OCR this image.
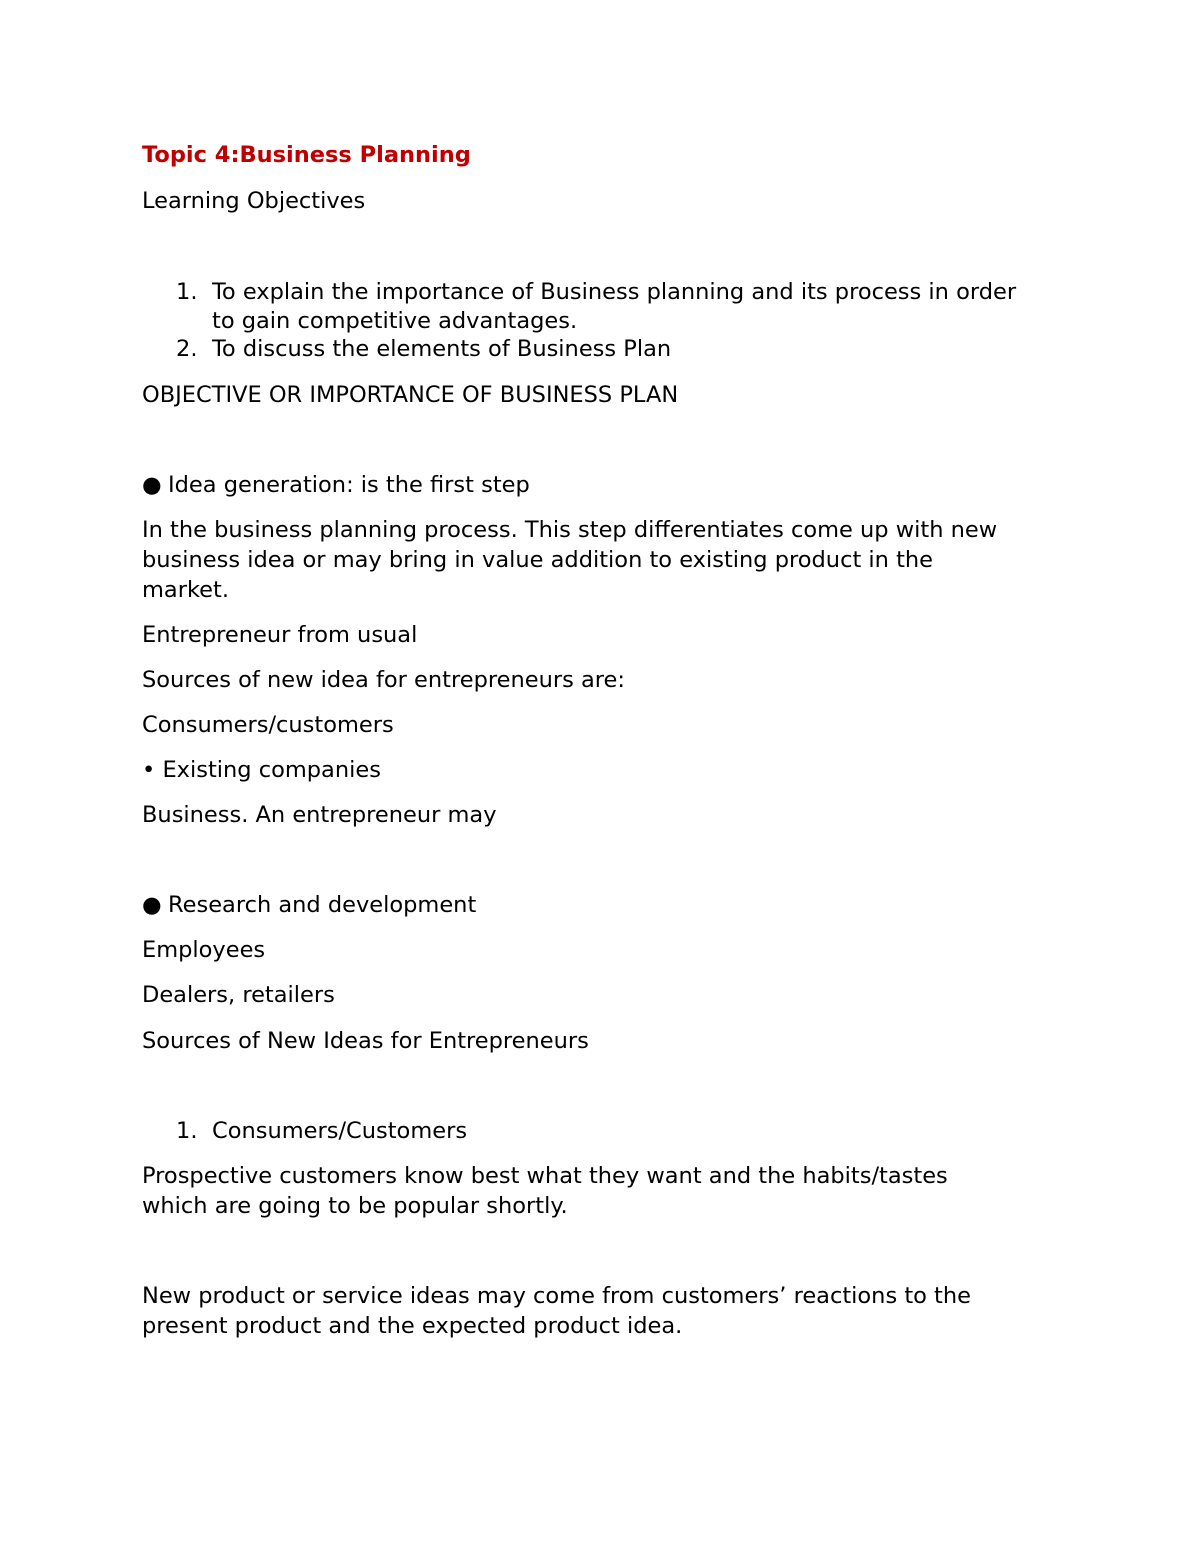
Topic 4:Business Planning
Learning Objectives
1. To explain the importance of Business planning and its process in order
to gain competitive advantages.
2. To discuss the elements of Business Plan
OBJECTIVE OR IMPORTANCE OF BUSINESS PLAN
● Idea generation: is the first step
In the business planning process. This step differentiates come up with new
business idea or may bring in value addition to existing product in the
market.
Entrepreneur from usual
Sources of new idea for entrepreneurs are:
Consumers/customers
• Existing companies
Business. An entrepreneur may
● Research and development
Employees
Dealers, retailers
Sources of New Ideas for Entrepreneurs
1. Consumers/Customers
Prospective customers know best what they want and the habits/tastes
which are going to be popular shortly.
New product or service ideas may come from customers’ reactions to the
present product and the expected product idea.
